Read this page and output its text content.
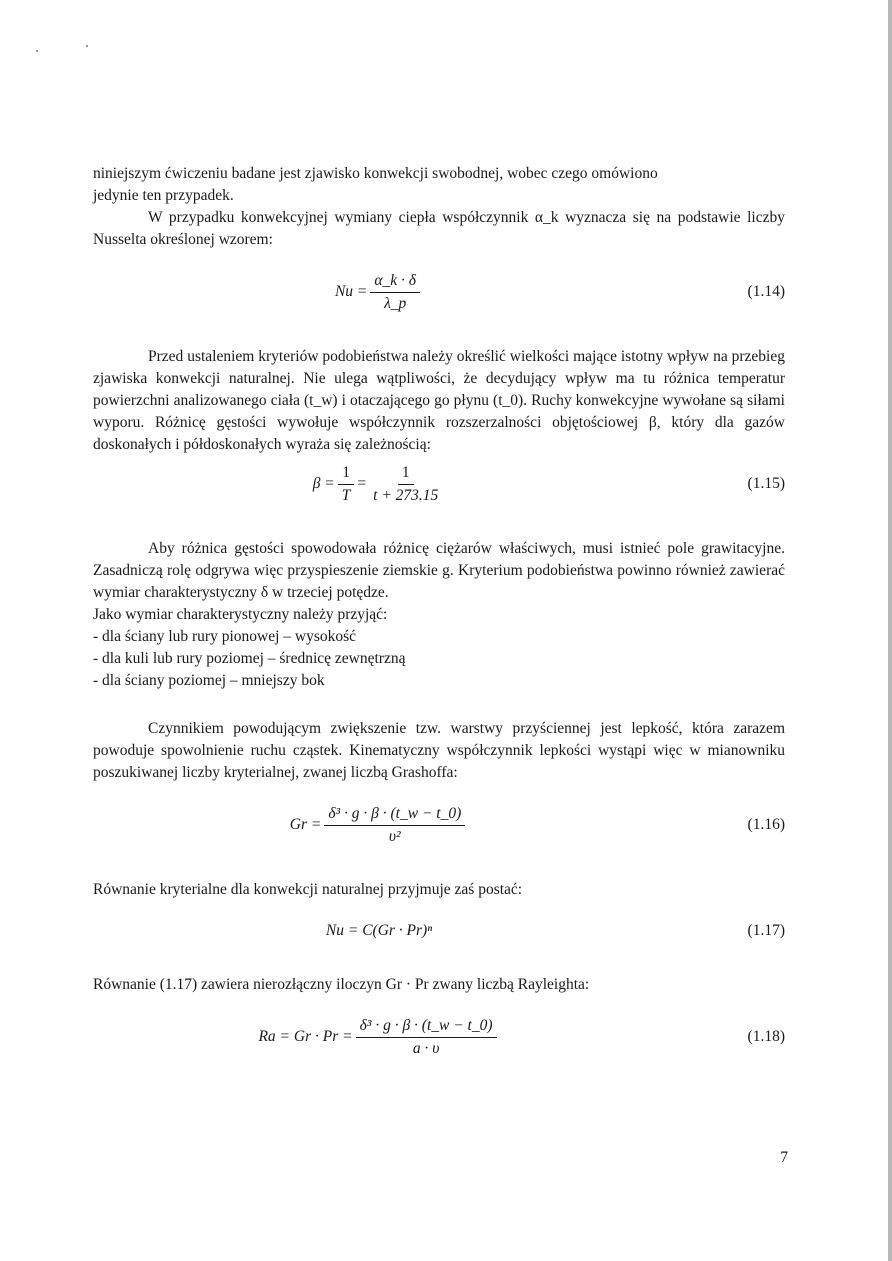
niniejszym ćwiczeniu badane jest zjawisko konwekcji swobodnej, wobec czego omówiono

jedynie ten przypadek.

W przypadku konwekcyjnej wymiany ciepła współczynnik α_k wyznacza się na podstawie liczby Nusselta określonej wzorem:

$Nu = \frac{\alpha\_k \cdot \delta}{\lambda\_p}$	(1.14)

Przed ustaleniem kryteriów podobieństwa należy określić wielkości mające istotny wpływ na przebieg zjawiska konwekcji naturalnej. Nie ulega wątpliwości, że decydujący wpływ ma tu różnica temperatur powierzchni analizowanego ciała (t_w) i otaczającego go płynu (t_0). Ruchy konwekcyjne wywołane są siłami wyporu. Różnicę gęstości wywołuje współczynnik rozszerzalności objętościowej β, który dla gazów doskonałych i półdoskonałych wyraża się zależnością:

$\beta = \frac{1}{T} = \frac{1}{t + 273.15}$	(1.15)

Aby różnica gęstości spowodowała różnicę ciężarów właściwych, musi istnieć pole grawitacyjne. Zasadniczą rolę odgrywa więc przyspieszenie ziemskie g. Kryterium podobieństwa powinno również zawierać wymiar charakterystyczny δ w trzeciej potędze.

Jako wymiar charakterystyczny należy przyjąć:

- dla ściany lub rury pionowej – wysokość
- dla kuli lub rury poziomej – średnicę zewnętrzną
- dla ściany poziomej – mniejszy bok

Czynnikiem powodującym zwiększenie tzw. warstwy przyściennej jest lepkość, która zarazem powoduje spowolnienie ruchu cząstek. Kinematyczny współczynnik lepkości wystąpi więc w mianowniku poszukiwanej liczby kryterialnej, zwanej liczbą Grashoffa:

$Gr = \frac{\text{δ³ · g · β · (t\_w − t\_0)}}{\text{υ²}}$	(1.16)

Równanie kryterialne dla konwekcji naturalnej przyjmuje zaś postać:

Nu = C(Gr · Pr)ⁿ	(1.17)

Równanie (1.17) zawiera nierozłączny iloczyn Gr · Pr zwany liczbą Rayleighta:

$Ra = Gr \cdot Pr = \frac{\text{δ³ · g · β · (t\_w − t\_0)}}{a \cdot \upsilon}$	(1.18)
7
